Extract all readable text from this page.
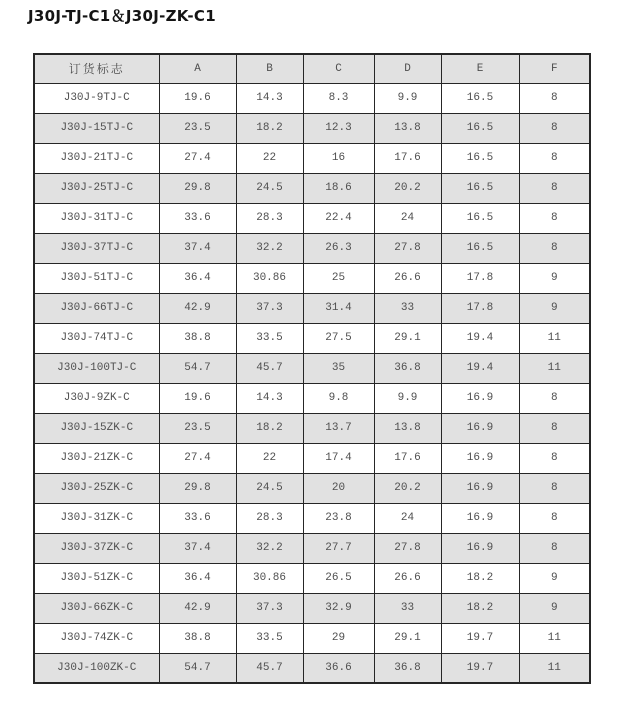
J30J-TJ-C1＆J30J-ZK-C1
订货标志	A	B	C	D	E	F
J30J-9TJ-C	19.6	14.3	8.3	9.9	16.5	8
J30J-15TJ-C	23.5	18.2	12.3	13.8	16.5	8
J30J-21TJ-C	27.4	22	16	17.6	16.5	8
J30J-25TJ-C	29.8	24.5	18.6	20.2	16.5	8
J30J-31TJ-C	33.6	28.3	22.4	24	16.5	8
J30J-37TJ-C	37.4	32.2	26.3	27.8	16.5	8
J30J-51TJ-C	36.4	30.86	25	26.6	17.8	9
J30J-66TJ-C	42.9	37.3	31.4	33	17.8	9
J30J-74TJ-C	38.8	33.5	27.5	29.1	19.4	11
J30J-100TJ-C	54.7	45.7	35	36.8	19.4	11
J30J-9ZK-C	19.6	14.3	9.8	9.9	16.9	8
J30J-15ZK-C	23.5	18.2	13.7	13.8	16.9	8
J30J-21ZK-C	27.4	22	17.4	17.6	16.9	8
J30J-25ZK-C	29.8	24.5	20	20.2	16.9	8
J30J-31ZK-C	33.6	28.3	23.8	24	16.9	8
J30J-37ZK-C	37.4	32.2	27.7	27.8	16.9	8
J30J-51ZK-C	36.4	30.86	26.5	26.6	18.2	9
J30J-66ZK-C	42.9	37.3	32.9	33	18.2	9
J30J-74ZK-C	38.8	33.5	29	29.1	19.7	11
J30J-100ZK-C	54.7	45.7	36.6	36.8	19.7	11
